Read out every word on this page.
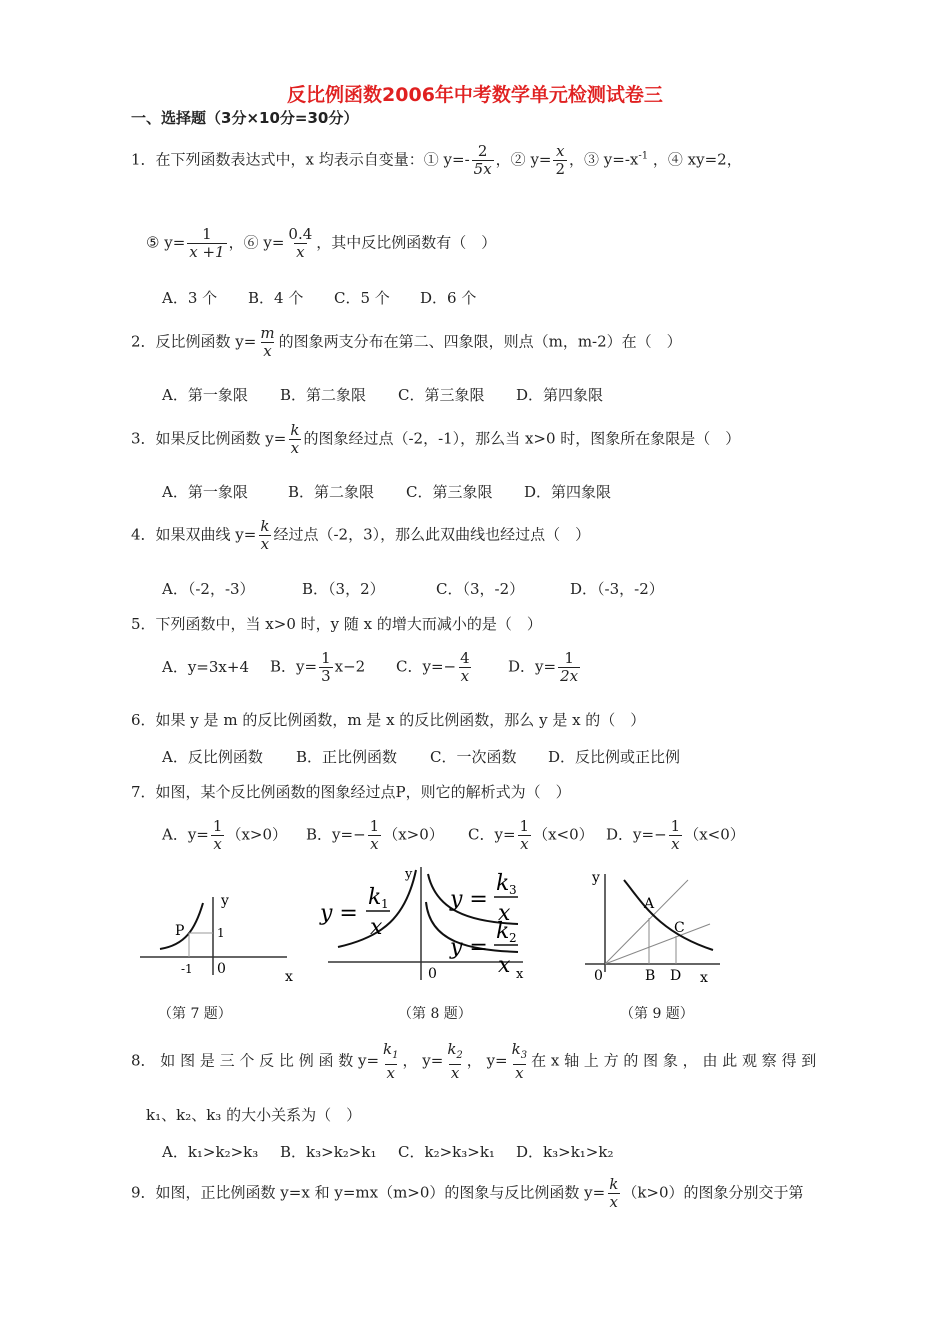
反比例函数2006年中考数学单元检测试卷三
一、选择题（3分×10分=30分）
1．在下列函数表达式中，x 均表示自变量：① $y=- \frac{2}{5x}$ ，② $y= \frac{x}{2}$ ，③ $y=-x^{-1}$ ，④ xy=2，
⑤ $y= \frac{1}{x +1}$ ，⑥ $y= \frac{0.4}{x}$ ，其中反比例函数有（　）
A．3 个 B．4 个 C．5 个 D．6 个
2．反比例函数 $y= \frac{m}{x}$ 的图象两支分布在第二、四象限，则点（m，m-2）在（　）
A．第一象限 B．第二象限 C．第三象限 D．第四象限
3．如果反比例函数 $y= \frac{k}{x}$ 的图象经过点（-2，-1），那么当 x>0 时，图象所在象限是（　）
A．第一象限	B．第二象限 C．第三象限 D．第四象限
4．如果双曲线 $y= \frac{k}{x}$ 经过点（-2，3），那么此双曲线也经过点（　）
A．（-2，-3）	B．（3，2）	C．（3，-2）	D．（-3，-2）
5．下列函数中，当 x>0 时，y 随 x 的增大而减小的是（　）
A．y=3x+4 B．$y= \frac{1}{3} x-2$ C．$y=- \frac{4}{x}$ D．$y= \frac{1}{2x}$
6．如果 y 是 m 的反比例函数，m 是 x 的反比例函数，那么 y 是 x 的（　）
A．反比例函数 B．正比例函数 C．一次函数 D．反比例或正比例
7．如图，某个反比例函数的图象经过点P，则它的解析式为（　）
A．$y= \frac{1}{x} (x>0)$ B．$y=- \frac{1}{x} (x>0)$ C．$y= \frac{1}{x} (x<0)$ D．$y=- \frac{1}{x} (x<0)$
y
P	1
-1 0	x
（第 7 题）
y
y =
k 1
x
y =
k 3
x
y =
k 2
x
0	x
（第 8 题）
y
A
C
0	B D x
（第 9 题）
8． 如 图 是 三 个 反 比 例 函 数 $y= \frac{k_1}{x}$ ， $y= \frac{k_2}{x}$ ， $y= \frac{k_3}{x}$ 在 x 轴 上 方 的 图 象 ， 由 此 观 察 得 到
k₁、k₂、k₃ 的大小关系为（　）
A．k₁>k₂>k₃ B．k₃>k₂>k₁ C．k₂>k₃>k₁ D．k₃>k₁>k₂
9．如图，正比例函数 y=x 和 y=mx（m>0）的图象与反比例函数 $y= \frac{k}{x} (k>0)$的图象分别交于第
